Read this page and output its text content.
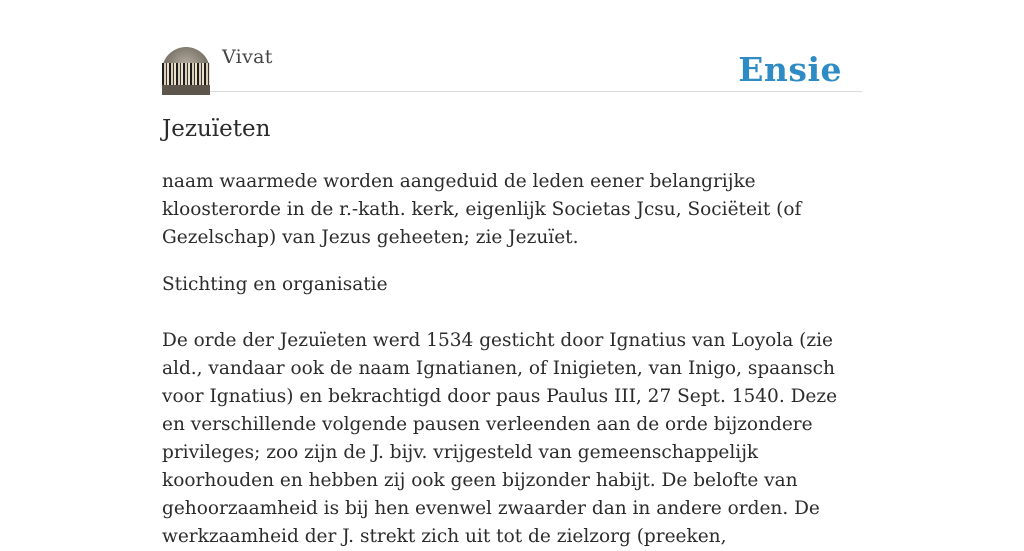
Vivat	Ensie
Jezuïeten

naam waarmede worden aangeduid de leden eener belangrijke kloosterorde in de r.-kath. kerk, eigenlijk Societas Jcsu, Sociëteit (of Gezelschap) van Jezus geheeten; zie Jezuïet.

Stichting en organisatie

De orde der Jezuïeten werd 1534 gesticht door Ignatius van Loyola (zie ald., vandaar ook de naam Ignatianen, of Inigieten, van Inigo, spaansch voor Ignatius) en bekrachtigd door paus Paulus III, 27 Sept. 1540. Deze en verschillende volgende pausen verleenden aan de orde bijzondere privileges; zoo zijn de J. bijv. vrijgesteld van gemeenschappelijk koorhouden en hebben zij ook geen bijzonder habijt. De belofte van gehoorzaamheid is bij hen evenwel zwaarder dan in andere orden. De werkzaamheid der J. strekt zich uit tot de zielzorg (preeken,
